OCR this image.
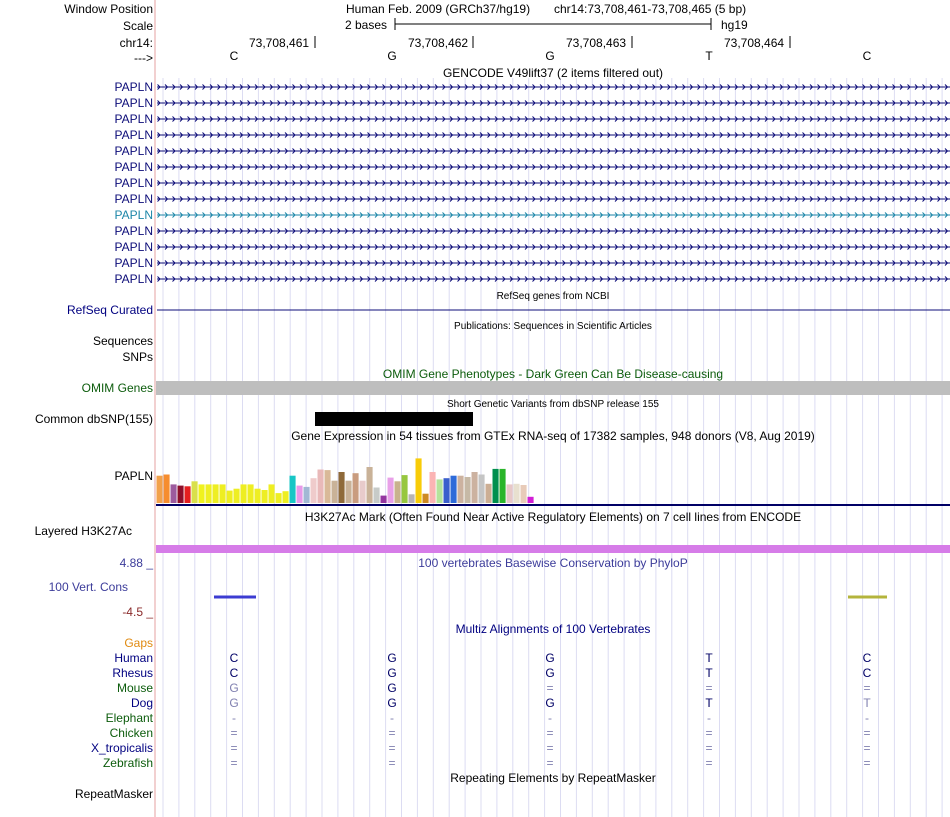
Window Position	Human Feb. 2009 (GRCh37/hg19) chr14:73,708,461-73,708,465 (5 bp)
Scale	2 bases	hg19
chr14:	73,708,461	73,708,462	73,708,463	73,708,464
--->	C	G	G	T	C
GENCODE V49lift37 (2 items filtered out)
PAPLN
PAPLN
PAPLN
PAPLN
PAPLN
PAPLN
PAPLN
PAPLN
PAPLN
PAPLN
PAPLN
PAPLN
PAPLN
RefSeq genes from NCBI
RefSeq Curated
Publications: Sequences in Scientific Articles
Sequences
SNPs
OMIM Gene Phenotypes - Dark Green Can Be Disease-causing
OMIM Genes
Short Genetic Variants from dbSNP release 155
Common dbSNP(155)
Gene Expression in 54 tissues from GTEx RNA-seq of 17382 samples, 948 donors (V8, Aug 2019)
PAPLN
H3K27Ac Mark (Often Found Near Active Regulatory Elements) on 7 cell lines from ENCODE
Layered H3K27Ac
100 vertebrates Basewise Conservation by PhyloP
4.88 _
100 Vert. Cons
-4.5 _
Multiz Alignments of 100 Vertebrates
Gaps
Human	C	G	G	T	C
Rhesus	C	G	G	T	C
Mouse	G	G	=	=	=
Dog	G	G	G	T	T
Elephant	-	-	-	-	-
Chicken	=	=	=	=	=
X_tropicalis	=	=	=	=	=
Zebrafish	=	=	=	=	=
Repeating Elements by RepeatMasker
RepeatMasker
